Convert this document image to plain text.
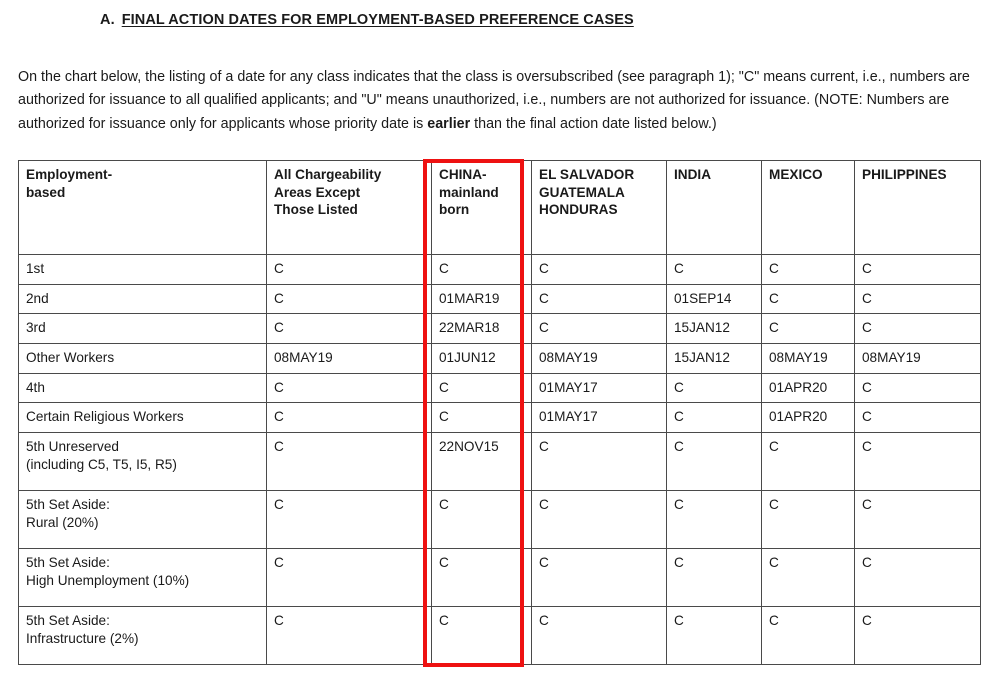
A. FINAL ACTION DATES FOR EMPLOYMENT-BASED PREFERENCE CASES

On the chart below, the listing of a date for any class indicates that the class is oversubscribed (see paragraph 1); "C" means current, i.e., numbers are authorized for issuance to all qualified applicants; and "U" means unauthorized, i.e., numbers are not authorized for issuance. (NOTE: Numbers are authorized for issuance only for applicants whose priority date is earlier than the final action date listed below.)

Employment-
based	All Chargeability
Areas Except
Those Listed	CHINA-
mainland
born	EL SALVADOR
GUATEMALA
HONDURAS	INDIA	MEXICO	PHILIPPINES

1st	C	C	C	C	C	C

2nd	C	01MAR19	C	01SEP14	C	C

3rd	C	22MAR18	C	15JAN12	C	C

Other Workers	08MAY19	01JUN12	08MAY19	15JAN12	08MAY19	08MAY19

4th	C	C	01MAY17	C	01APR20	C

Certain Religious Workers	C	C	01MAY17	C	01APR20	C

5th Unreserved
(including C5, T5, I5, R5)	C	22NOV15	C	C	C	C

5th Set Aside:
Rural (20%)	C	C	C	C	C	C

5th Set Aside:
High Unemployment (10%)	C	C	C	C	C	C

5th Set Aside:
Infrastructure (2%)	C	C	C	C	C	C
